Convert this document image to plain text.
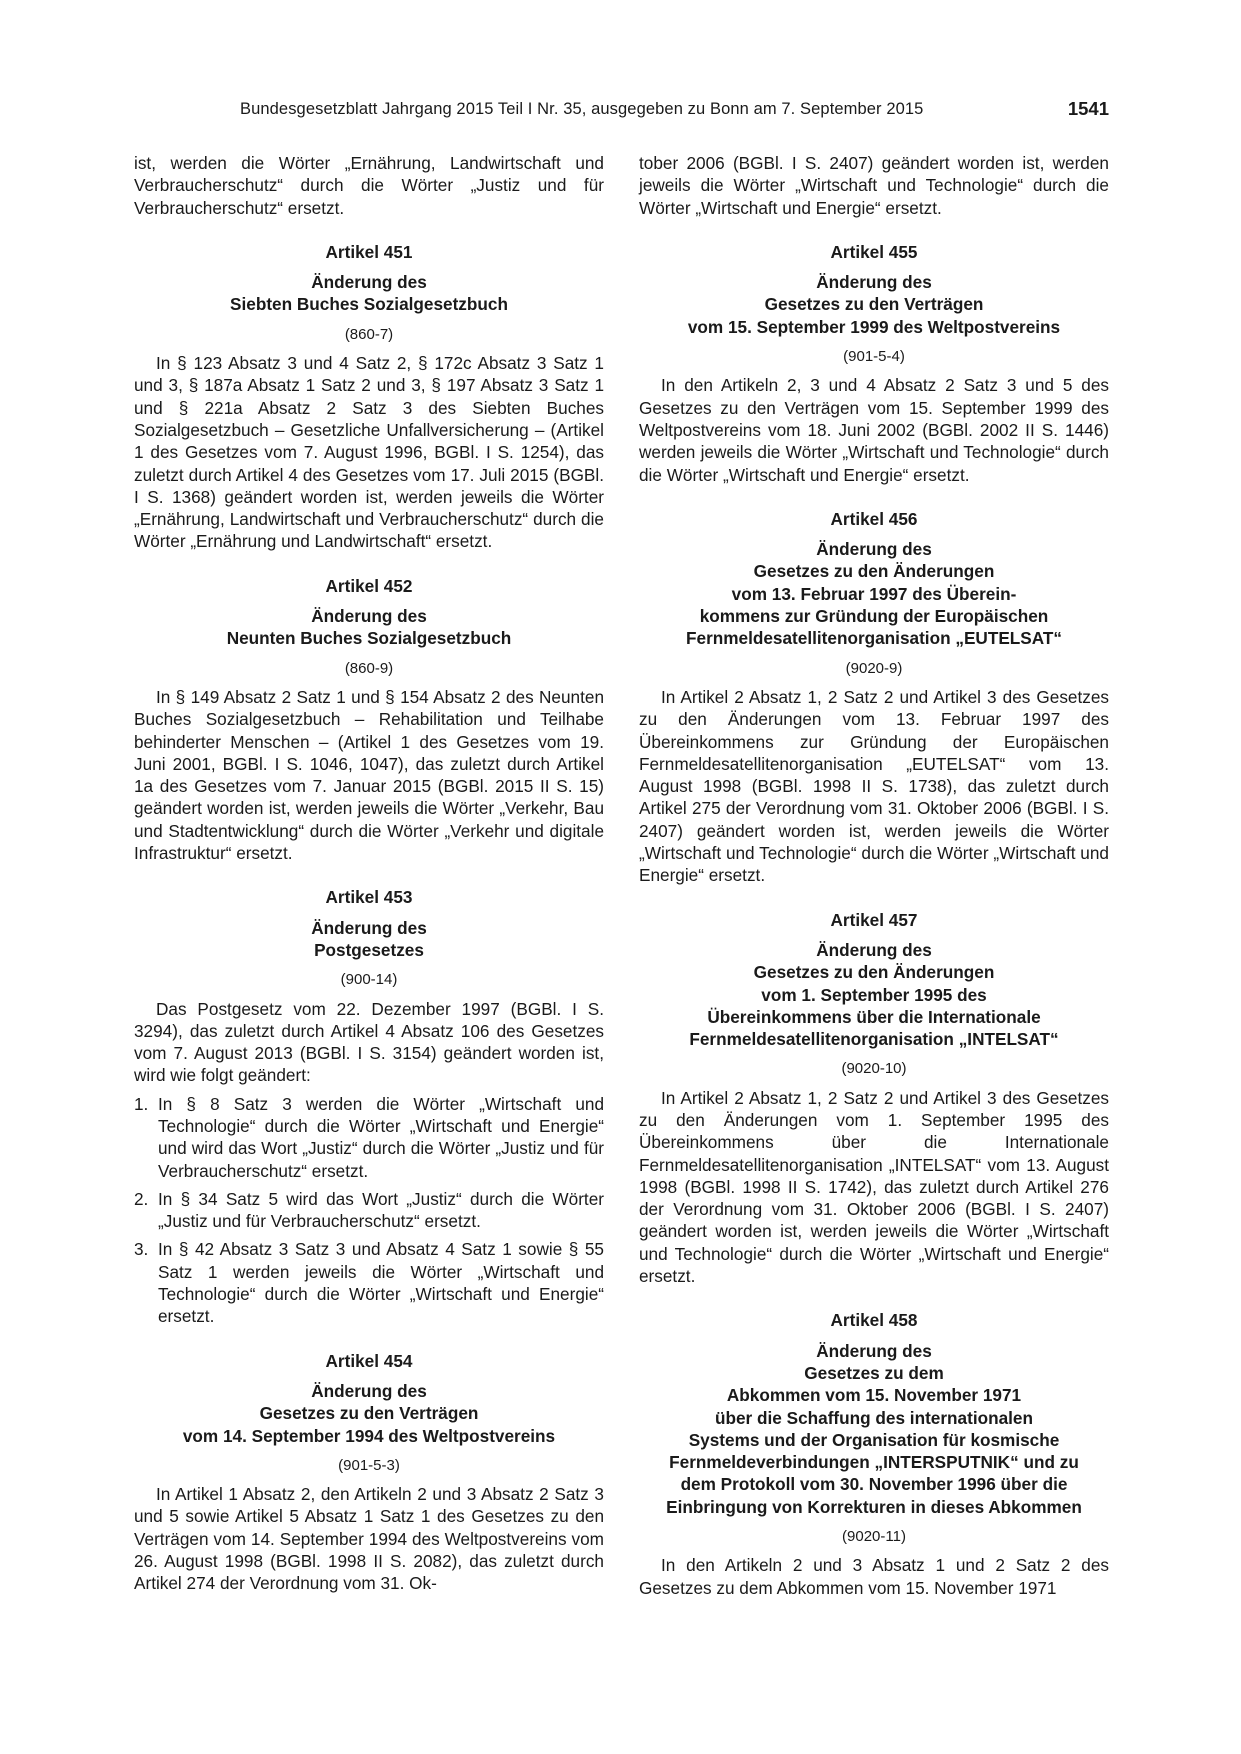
Bundesgesetzblatt Jahrgang 2015 Teil I Nr. 35, ausgegeben zu Bonn am 7. September 2015	1541

ist, werden die Wörter „Ernährung, Landwirtschaft und Verbraucherschutz“ durch die Wörter „Justiz und für Verbraucherschutz“ ersetzt.

Artikel 451
Änderung des
Siebten Buches Sozialgesetzbuch
(860-7)

In § 123 Absatz 3 und 4 Satz 2, § 172c Absatz 3 Satz 1 und 3, § 187a Absatz 1 Satz 2 und 3, § 197 Absatz 3 Satz 1 und § 221a Absatz 2 Satz 3 des Siebten Buches Sozialgesetzbuch – Gesetzliche Unfallversicherung – (Artikel 1 des Gesetzes vom 7. August 1996, BGBl. I S. 1254), das zuletzt durch Artikel 4 des Gesetzes vom 17. Juli 2015 (BGBl. I S. 1368) geändert worden ist, werden jeweils die Wörter „Ernährung, Landwirtschaft und Verbraucherschutz“ durch die Wörter „Ernährung und Landwirtschaft“ ersetzt.

Artikel 452
Änderung des
Neunten Buches Sozialgesetzbuch
(860-9)

In § 149 Absatz 2 Satz 1 und § 154 Absatz 2 des Neunten Buches Sozialgesetzbuch – Rehabilitation und Teilhabe behinderter Menschen – (Artikel 1 des Gesetzes vom 19. Juni 2001, BGBl. I S. 1046, 1047), das zuletzt durch Artikel 1a des Gesetzes vom 7. Januar 2015 (BGBl. 2015 II S. 15) geändert worden ist, werden jeweils die Wörter „Verkehr, Bau und Stadtentwicklung“ durch die Wörter „Verkehr und digitale Infrastruktur“ ersetzt.

Artikel 453
Änderung des
Postgesetzes
(900-14)

Das Postgesetz vom 22. Dezember 1997 (BGBl. I S. 3294), das zuletzt durch Artikel 4 Absatz 106 des Gesetzes vom 7. August 2013 (BGBl. I S. 3154) geändert worden ist, wird wie folgt geändert:

1. In § 8 Satz 3 werden die Wörter „Wirtschaft und Technologie“ durch die Wörter „Wirtschaft und Energie“ und wird das Wort „Justiz“ durch die Wörter „Justiz und für Verbraucherschutz“ ersetzt.
2. In § 34 Satz 5 wird das Wort „Justiz“ durch die Wörter „Justiz und für Verbraucherschutz“ ersetzt.
3. In § 42 Absatz 3 Satz 3 und Absatz 4 Satz 1 sowie § 55 Satz 1 werden jeweils die Wörter „Wirtschaft und Technologie“ durch die Wörter „Wirtschaft und Energie“ ersetzt.
Artikel 454
Änderung des
Gesetzes zu den Verträgen
vom 14. September 1994 des Weltpostvereins
(901-5-3)

In Artikel 1 Absatz 2, den Artikeln 2 und 3 Absatz 2 Satz 3 und 5 sowie Artikel 5 Absatz 1 Satz 1 des Gesetzes zu den Verträgen vom 14. September 1994 des Weltpostvereins vom 26. August 1998 (BGBl. 1998 II S. 2082), das zuletzt durch Artikel 274 der Verordnung vom 31. Ok-

tober 2006 (BGBl. I S. 2407) geändert worden ist, werden jeweils die Wörter „Wirtschaft und Technologie“ durch die Wörter „Wirtschaft und Energie“ ersetzt.

Artikel 455
Änderung des
Gesetzes zu den Verträgen
vom 15. September 1999 des Weltpostvereins
(901-5-4)

In den Artikeln 2, 3 und 4 Absatz 2 Satz 3 und 5 des Gesetzes zu den Verträgen vom 15. September 1999 des Weltpostvereins vom 18. Juni 2002 (BGBl. 2002 II S. 1446) werden jeweils die Wörter „Wirtschaft und Technologie“ durch die Wörter „Wirtschaft und Energie“ ersetzt.

Artikel 456
Änderung des
Gesetzes zu den Änderungen
vom 13. Februar 1997 des Überein-
kommens zur Gründung der Europäischen
Fernmeldesatellitenorganisation „EUTELSAT“
(9020-9)

In Artikel 2 Absatz 1, 2 Satz 2 und Artikel 3 des Gesetzes zu den Änderungen vom 13. Februar 1997 des Übereinkommens zur Gründung der Europäischen Fernmeldesatellitenorganisation „EUTELSAT“ vom 13. August 1998 (BGBl. 1998 II S. 1738), das zuletzt durch Artikel 275 der Verordnung vom 31. Oktober 2006 (BGBl. I S. 2407) geändert worden ist, werden jeweils die Wörter „Wirtschaft und Technologie“ durch die Wörter „Wirtschaft und Energie“ ersetzt.

Artikel 457
Änderung des
Gesetzes zu den Änderungen
vom 1. September 1995 des
Übereinkommens über die Internationale
Fernmeldesatellitenorganisation „INTELSAT“
(9020-10)

In Artikel 2 Absatz 1, 2 Satz 2 und Artikel 3 des Gesetzes zu den Änderungen vom 1. September 1995 des Übereinkommens über die Internationale Fernmeldesatellitenorganisation „INTELSAT“ vom 13. August 1998 (BGBl. 1998 II S. 1742), das zuletzt durch Artikel 276 der Verordnung vom 31. Oktober 2006 (BGBl. I S. 2407) geändert worden ist, werden jeweils die Wörter „Wirtschaft und Technologie“ durch die Wörter „Wirtschaft und Energie“ ersetzt.

Artikel 458
Änderung des
Gesetzes zu dem
Abkommen vom 15. November 1971
über die Schaffung des internationalen
Systems und der Organisation für kosmische
Fernmeldeverbindungen „INTERSPUTNIK“ und zu
dem Protokoll vom 30. November 1996 über die
Einbringung von Korrekturen in dieses Abkommen
(9020-11)

In den Artikeln 2 und 3 Absatz 1 und 2 Satz 2 des Gesetzes zu dem Abkommen vom 15. November 1971
